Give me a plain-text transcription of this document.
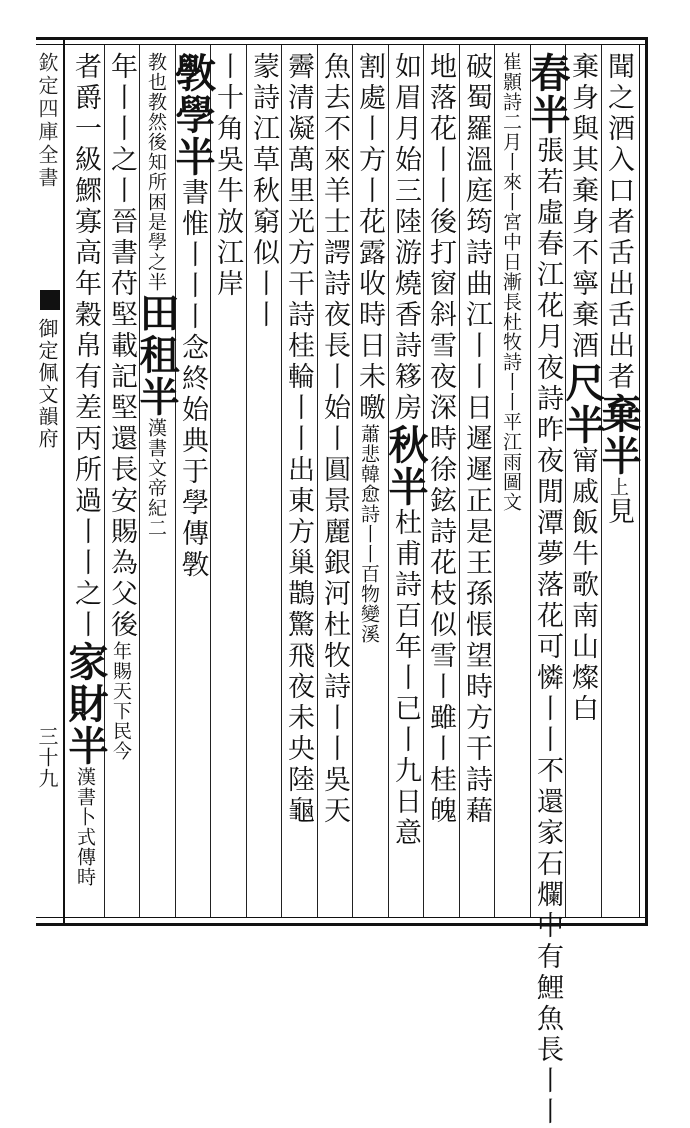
欽定四庫全書
御定佩文韻府
三十九
聞之酒入口者舌出舌出者棄半上見
棄身與其棄身不寧棄酒尺半甯戚飯牛歌南山燦白
春半張若虛春江花月夜詩昨夜閒潭夢落花可憐丨丨不還家石爛中有鯉魚長丨丨
崔顥詩二月丨來丨宮中日漸長杜牧詩丨丨平江雨圖文
破蜀羅溫庭筠詩曲江丨丨日遲遲正是王孫悵望時方干詩藉
地落花丨丨後打窗斜雪夜深時徐鉉詩花枝似雪丨雖丨桂魄
如眉月始三陸游燒香詩簃房秋半杜甫詩百年丨已丨九日意
割處丨方丨花露收時日未曒蕭悲韓愈詩丨丨百物變溪
魚去不來羊士諤詩夜長丨始丨圓景麗銀河杜牧詩丨丨吳天
霽清凝萬里光方干詩桂輪丨丨出東方巢鵲驚飛夜未央陸龜
蒙詩江草秋窮似丨丨
丨十角吳牛放江岸
斆學半書惟丨丨丨念終始典于學傳斆
教也教然後知所困是學之半田租半漢書文帝紀二
年丨丨之丨晉書苻堅載記堅還長安賜為父後年賜天下民今
者爵一級鰥寡高年穀帛有差丙所過丨丨之丨家財半漢書卜式傳時
